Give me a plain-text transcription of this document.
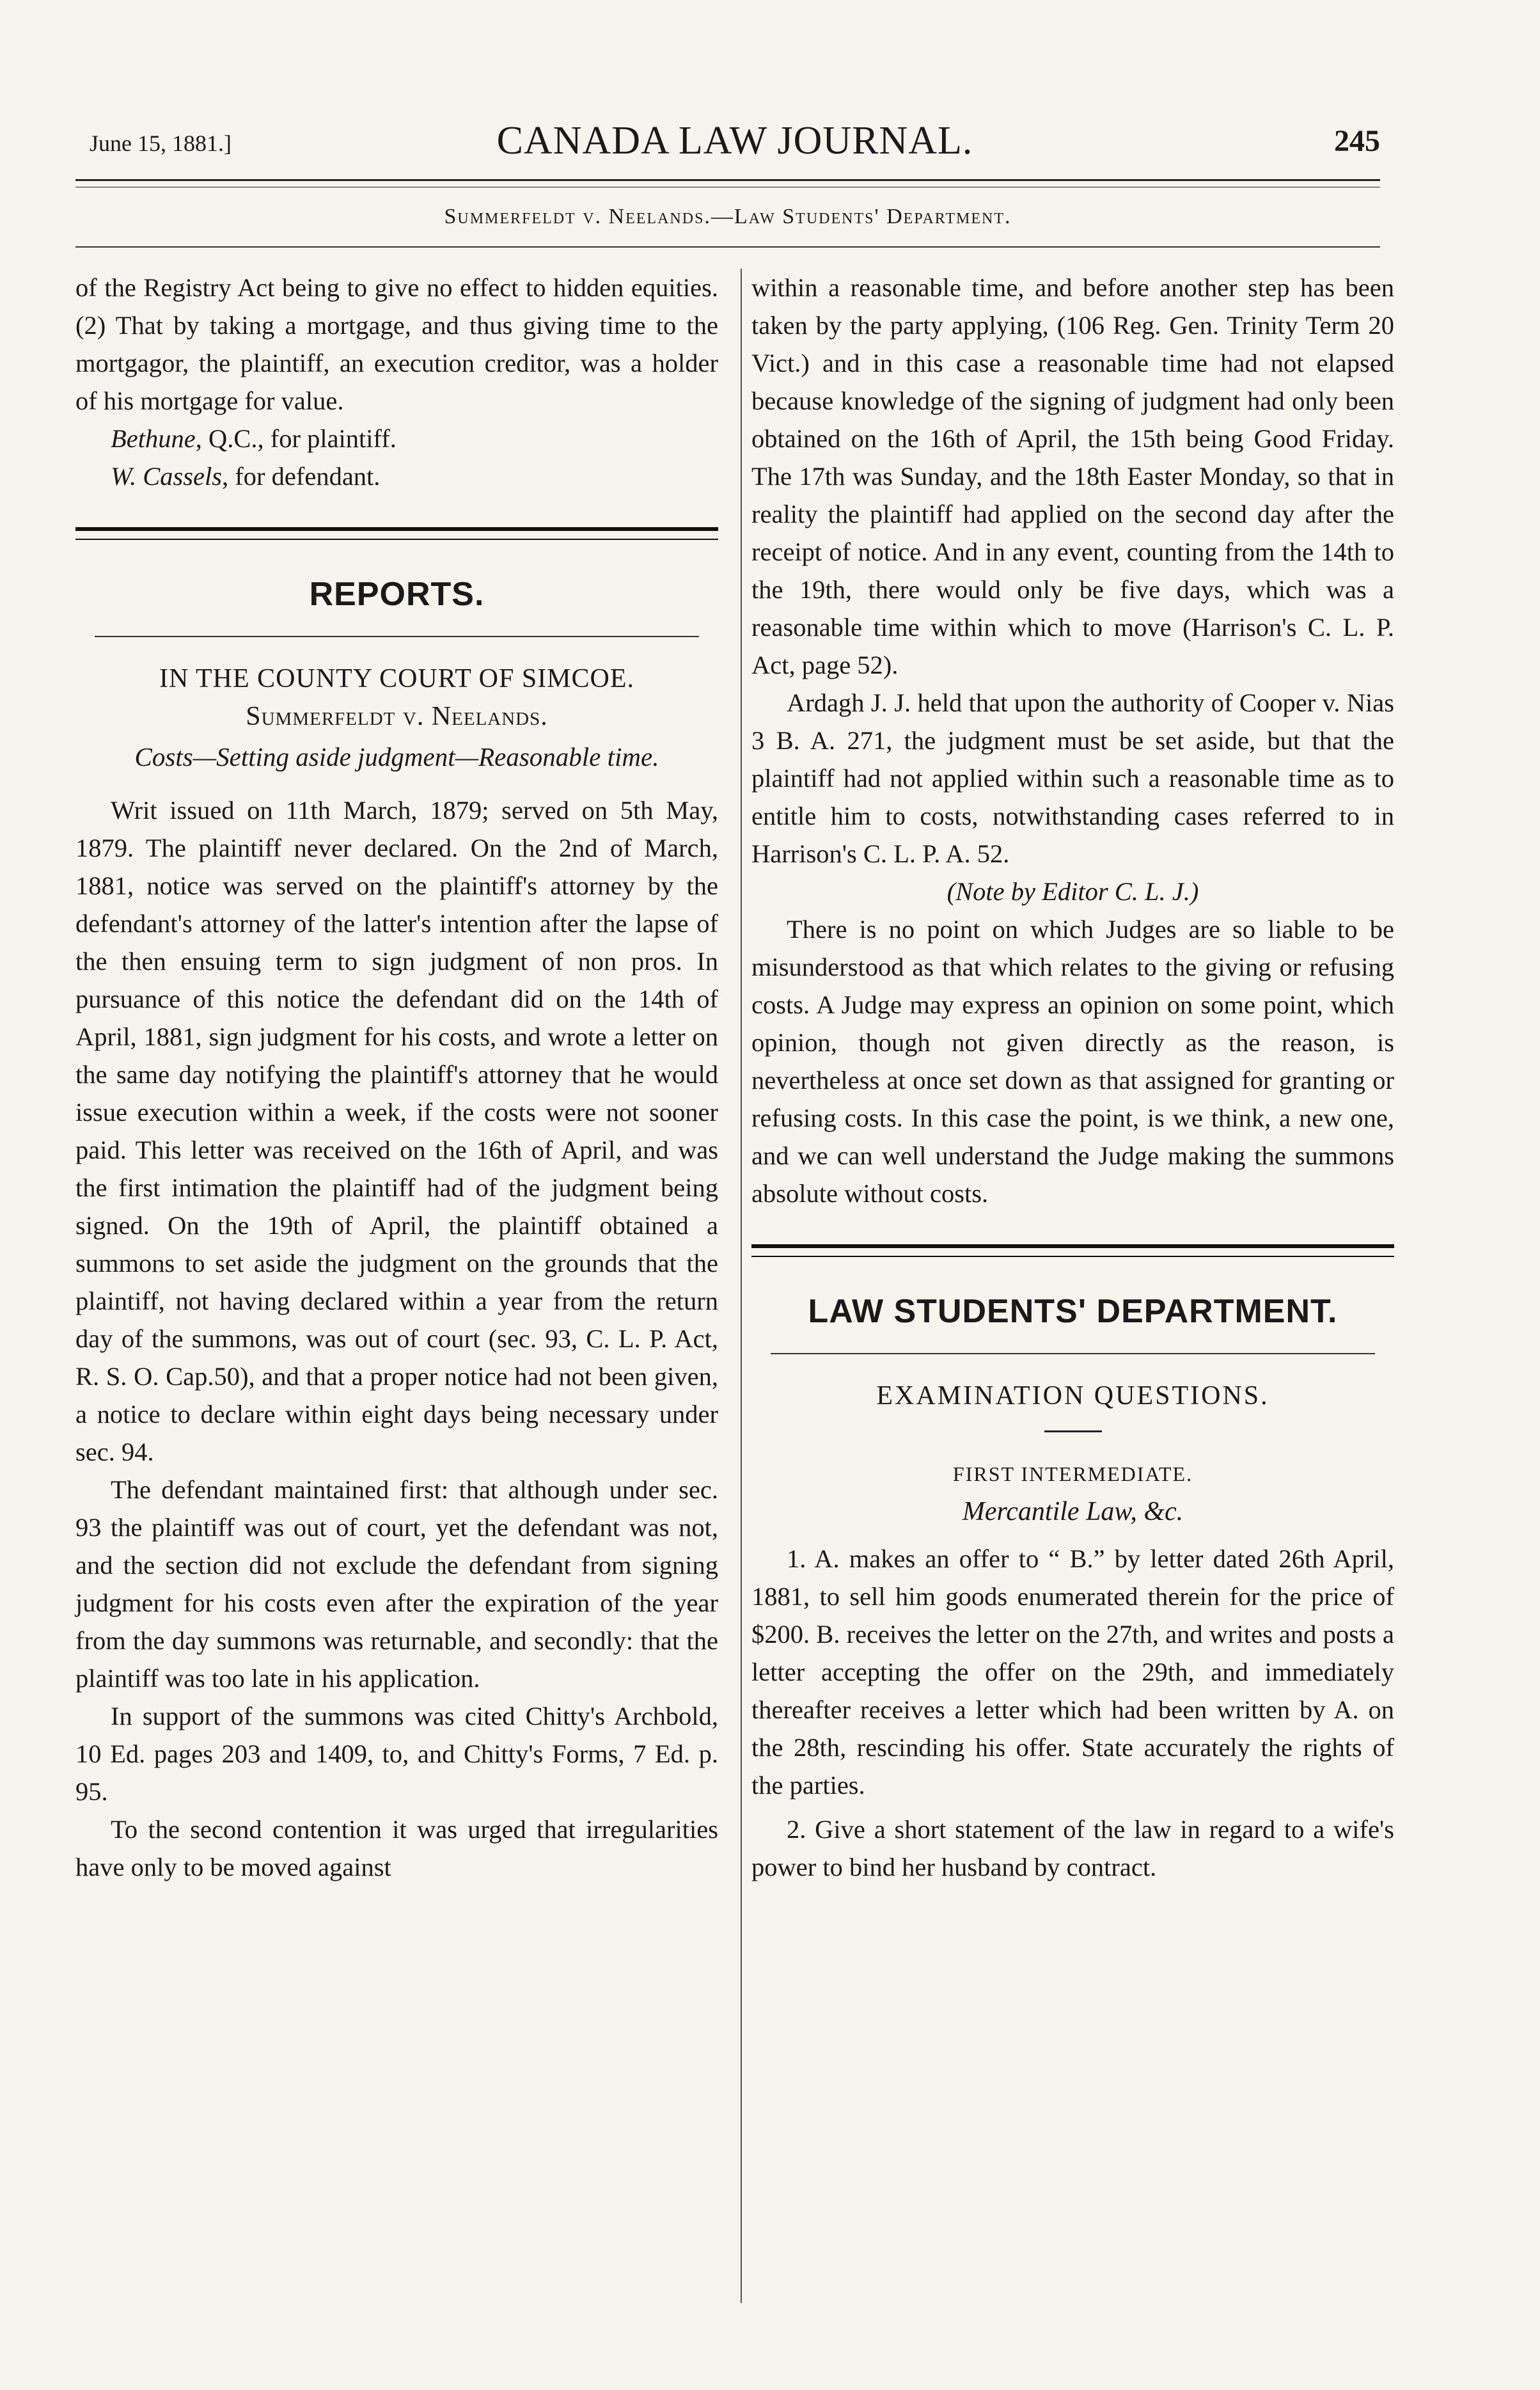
June 15, 1881.]	CANADA LAW JOURNAL.	245
Summerfeldt v. Neelands.—Law Students' Department.

of the Registry Act being to give no effect to hidden equities. (2) That by taking a mortgage, and thus giving time to the mortgagor, the plaintiff, an execution creditor, was a holder of his mortgage for value.

Bethune, Q.C., for plaintiff.

W. Cassels, for defendant.

REPORTS.
IN THE COUNTY COURT OF SIMCOE.
Summerfeldt v. Neelands.
Costs—Setting aside judgment—Reasonable time.

Writ issued on 11th March, 1879; served on 5th May, 1879. The plaintiff never declared. On the 2nd of March, 1881, notice was served on the plaintiff's attorney by the defendant's attorney of the latter's intention after the lapse of the then ensuing term to sign judgment of non pros. In pursuance of this notice the defendant did on the 14th of April, 1881, sign judgment for his costs, and wrote a letter on the same day notifying the plaintiff's attorney that he would issue execution within a week, if the costs were not sooner paid. This letter was received on the 16th of April, and was the first intimation the plaintiff had of the judgment being signed. On the 19th of April, the plaintiff obtained a summons to set aside the judgment on the grounds that the plaintiff, not having declared within a year from the return day of the summons, was out of court (sec. 93, C. L. P. Act, R. S. O. Cap.50), and that a proper notice had not been given, a notice to declare within eight days being necessary under sec. 94.

The defendant maintained first: that although under sec. 93 the plaintiff was out of court, yet the defendant was not, and the section did not exclude the defendant from signing judgment for his costs even after the expiration of the year from the day summons was returnable, and secondly: that the plaintiff was too late in his application.

In support of the summons was cited Chitty's Archbold, 10 Ed. pages 203 and 1409, to, and Chitty's Forms, 7 Ed. p. 95.

To the second contention it was urged that irregularities have only to be moved against

within a reasonable time, and before another step has been taken by the party applying, (106 Reg. Gen. Trinity Term 20 Vict.) and in this case a reasonable time had not elapsed because knowledge of the signing of judgment had only been obtained on the 16th of April, the 15th being Good Friday. The 17th was Sunday, and the 18th Easter Monday, so that in reality the plaintiff had applied on the second day after the receipt of notice. And in any event, counting from the 14th to the 19th, there would only be five days, which was a reasonable time within which to move (Harrison's C. L. P. Act, page 52).

Ardagh J. J. held that upon the authority of Cooper v. Nias 3 B. A. 271, the judgment must be set aside, but that the plaintiff had not applied within such a reasonable time as to entitle him to costs, notwithstanding cases referred to in Harrison's C. L. P. A. 52.

(Note by Editor C. L. J.)

There is no point on which Judges are so liable to be misunderstood as that which relates to the giving or refusing costs. A Judge may express an opinion on some point, which opinion, though not given directly as the reason, is nevertheless at once set down as that assigned for granting or refusing costs. In this case the point, is we think, a new one, and we can well understand the Judge making the summons absolute without costs.

LAW STUDENTS' DEPARTMENT.
EXAMINATION QUESTIONS.
FIRST INTERMEDIATE.
Mercantile Law, &c.

1. A. makes an offer to “ B.” by letter dated 26th April, 1881, to sell him goods enumerated therein for the price of $200. B. receives the letter on the 27th, and writes and posts a letter accepting the offer on the 29th, and immediately thereafter receives a letter which had been written by A. on the 28th, rescinding his offer. State accurately the rights of the parties.

2. Give a short statement of the law in regard to a wife's power to bind her husband by contract.
